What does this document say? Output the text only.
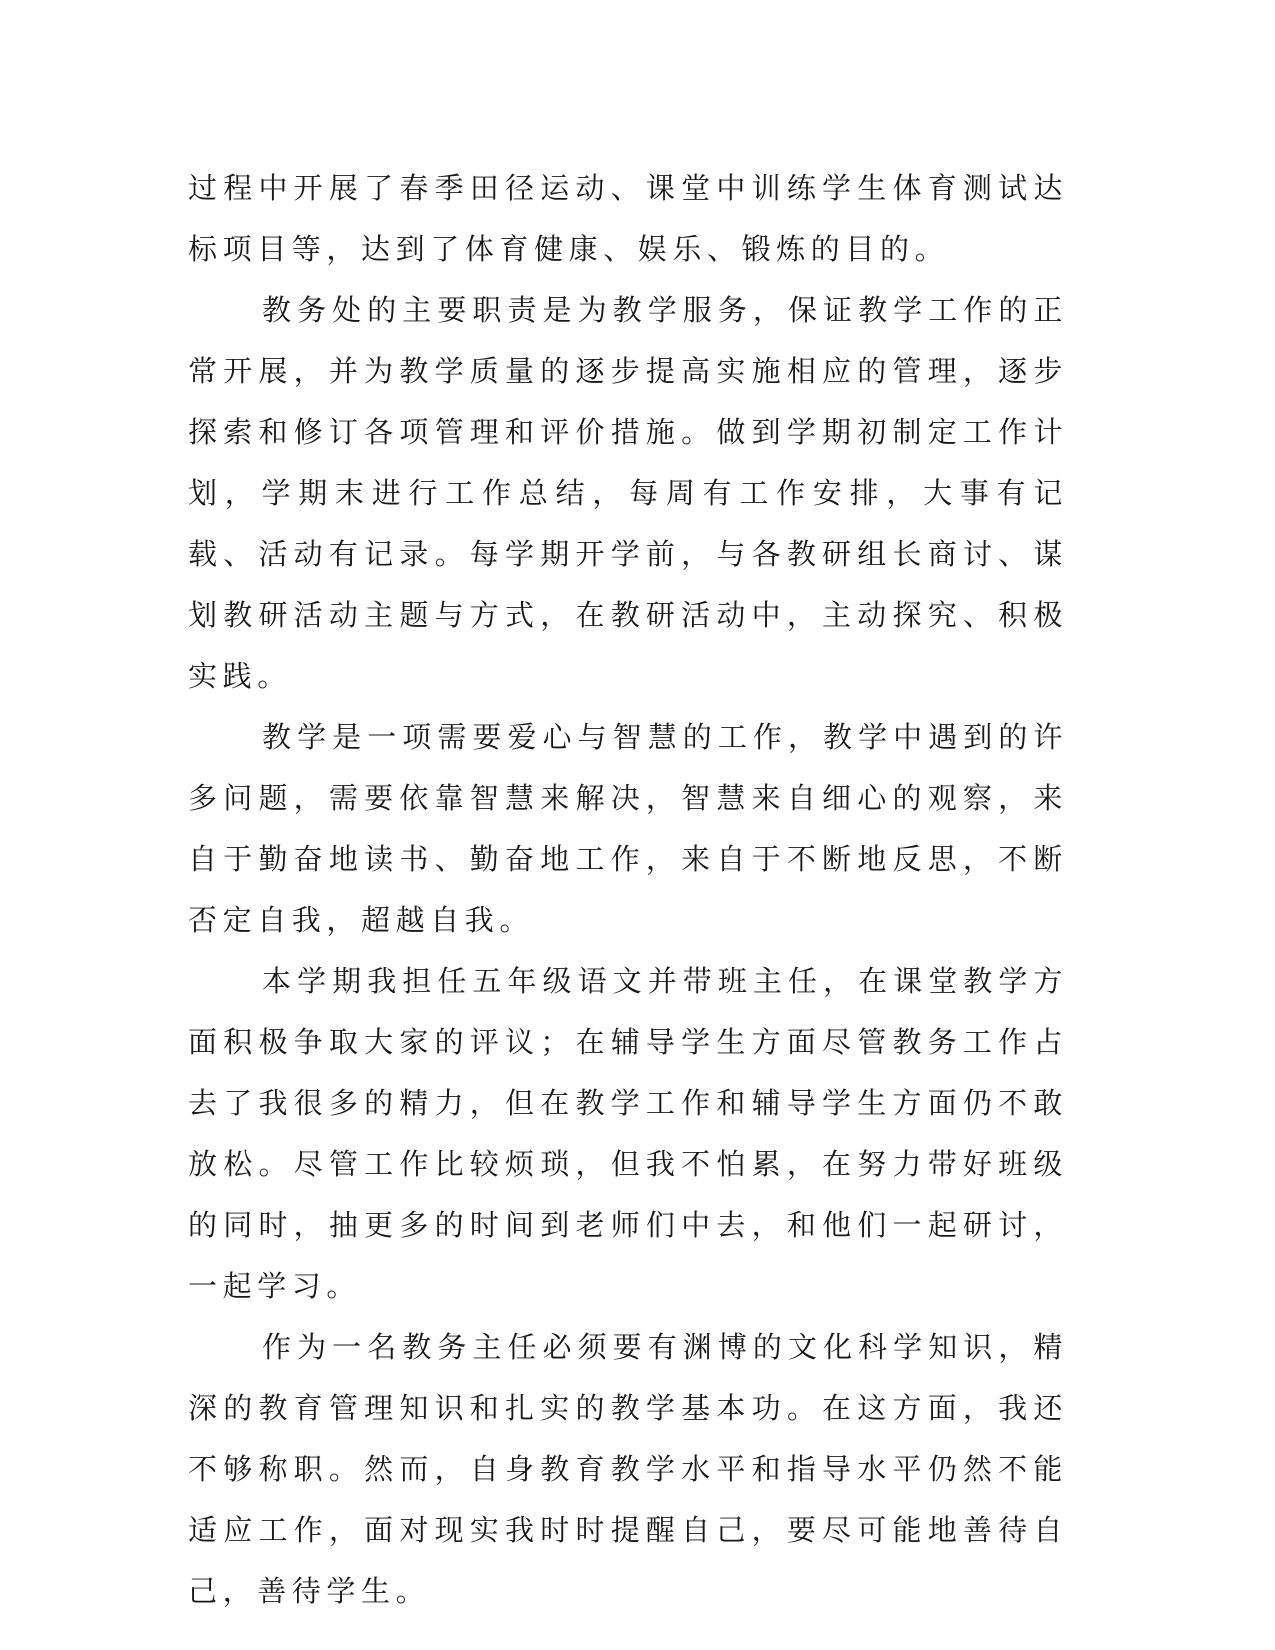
过程中开展了春季田径运动、课堂中训练学生体育测试达标项目等，达到了体育健康、娱乐、锻炼的目的。

教务处的主要职责是为教学服务，保证教学工作的正常开展，并为教学质量的逐步提高实施相应的管理，逐步探索和修订各项管理和评价措施。做到学期初制定工作计划，学期末进行工作总结，每周有工作安排，大事有记载、活动有记录。每学期开学前，与各教研组长商讨、谋划教研活动主题与方式，在教研活动中，主动探究、积极实践。

教学是一项需要爱心与智慧的工作，教学中遇到的许多问题，需要依靠智慧来解决，智慧来自细心的观察，来自于勤奋地读书、勤奋地工作，来自于不断地反思，不断否定自我，超越自我。

本学期我担任五年级语文并带班主任，在课堂教学方面积极争取大家的评议；在辅导学生方面尽管教务工作占去了我很多的精力，但在教学工作和辅导学生方面仍不敢放松。尽管工作比较烦琐，但我不怕累，在努力带好班级的同时，抽更多的时间到老师们中去，和他们一起研讨，一起学习。

作为一名教务主任必须要有渊博的文化科学知识，精深的教育管理知识和扎实的教学基本功。在这方面，我还不够称职。然而，自身教育教学水平和指导水平仍然不能适应工作，面对现实我时时提醒自己，要尽可能地善待自己，善待学生。
